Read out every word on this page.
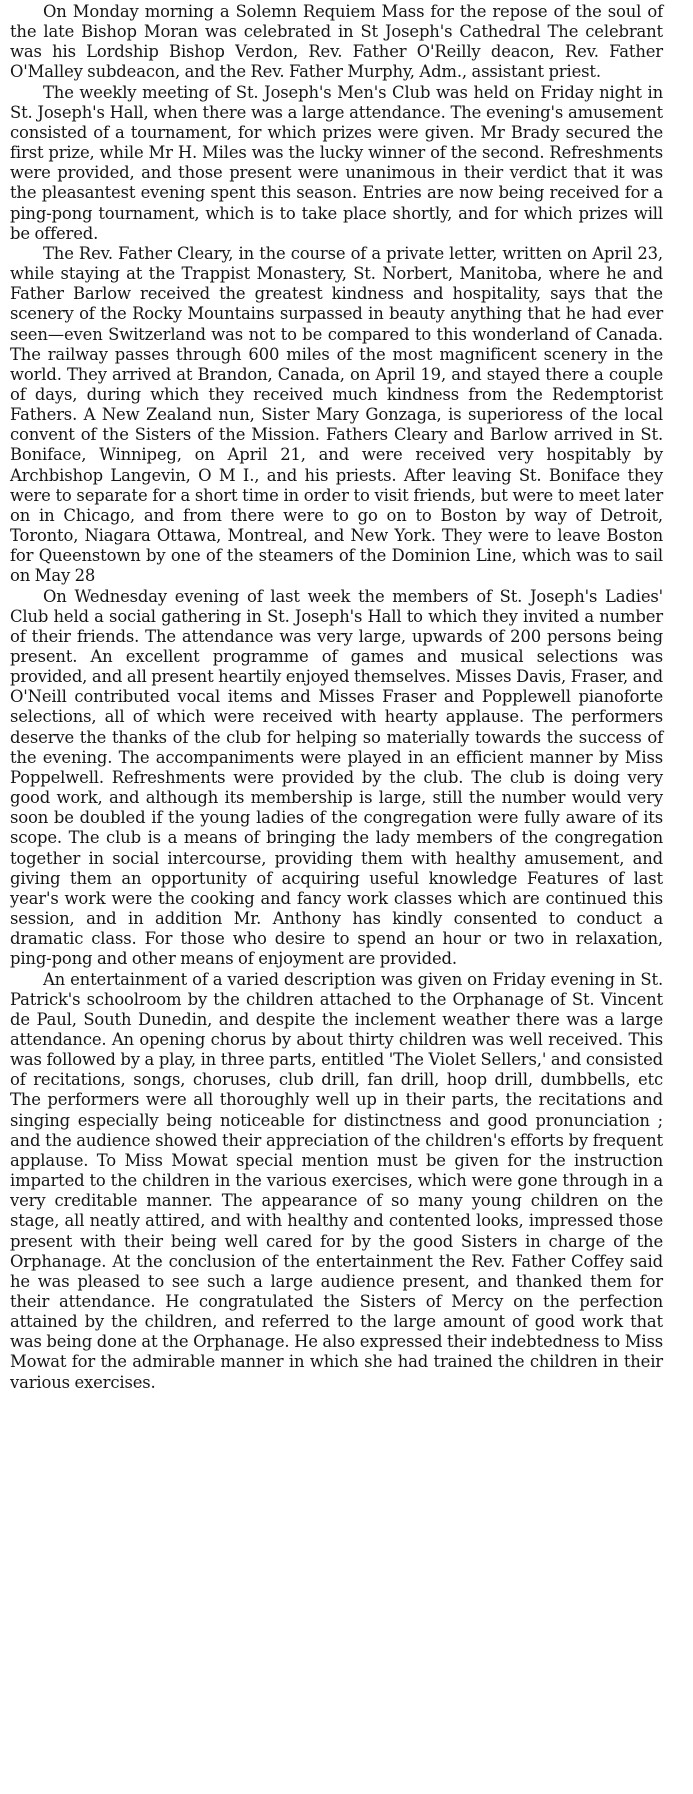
On Monday morning a Solemn Requiem Mass for the repose of the soul of the late Bishop Moran was celebrated in St Joseph's Cathedral The celebrant was his Lordship Bishop Verdon, Rev. Father O'Reilly deacon, Rev. Father O'Malley subdeacon, and the Rev. Father Murphy, Adm., assistant priest.

The weekly meeting of St. Joseph's Men's Club was held on Friday night in St. Joseph's Hall, when there was a large attendance. The evening's amusement consisted of a tournament, for which prizes were given. Mr Brady secured the first prize, while Mr H. Miles was the lucky winner of the second. Refreshments were provided, and those present were unanimous in their verdict that it was the pleasantest evening spent this season. Entries are now being received for a ping-pong tournament, which is to take place shortly, and for which prizes will be offered.

The Rev. Father Cleary, in the course of a private letter, written on April 23, while staying at the Trappist Monastery, St. Norbert, Manitoba, where he and Father Barlow received the greatest kindness and hospitality, says that the scenery of the Rocky Mountains surpassed in beauty anything that he had ever seen—even Switzerland was not to be compared to this wonderland of Canada. The railway passes through 600 miles of the most magnificent scenery in the world. They arrived at Brandon, Canada, on April 19, and stayed there a couple of days, during which they received much kindness from the Redemptorist Fathers. A New Zealand nun, Sister Mary Gonzaga, is superioress of the local convent of the Sisters of the Mission. Fathers Cleary and Barlow arrived in St. Boniface, Winnipeg, on April 21, and were received very hospitably by Archbishop Langevin, O M I., and his priests. After leaving St. Boniface they were to separate for a short time in order to visit friends, but were to meet later on in Chicago, and from there were to go on to Boston by way of Detroit, Toronto, Niagara Ottawa, Montreal, and New York. They were to leave Boston for Queenstown by one of the steamers of the Dominion Line, which was to sail on May 28

On Wednesday evening of last week the members of St. Joseph's Ladies' Club held a social gathering in St. Joseph's Hall to which they invited a number of their friends. The attendance was very large, upwards of 200 persons being present. An excellent programme of games and musical selections was provided, and all present heartily enjoyed themselves. Misses Davis, Fraser, and O'Neill contributed vocal items and Misses Fraser and Popplewell pianoforte selections, all of which were received with hearty applause. The performers deserve the thanks of the club for helping so materially towards the success of the evening. The accompaniments were played in an efficient manner by Miss Poppelwell. Refreshments were provided by the club. The club is doing very good work, and although its membership is large, still the number would very soon be doubled if the young ladies of the congregation were fully aware of its scope. The club is a means of bringing the lady members of the congregation together in social intercourse, providing them with healthy amusement, and giving them an opportunity of acquiring useful knowledge Features of last year's work were the cooking and fancy work classes which are continued this session, and in addition Mr. Anthony has kindly consented to conduct a dramatic class. For those who desire to spend an hour or two in relaxation, ping-pong and other means of enjoyment are provided.

An entertainment of a varied description was given on Friday evening in St. Patrick's schoolroom by the children attached to the Orphanage of St. Vincent de Paul, South Dunedin, and despite the inclement weather there was a large attendance. An opening chorus by about thirty children was well received. This was followed by a play, in three parts, entitled 'The Violet Sellers,' and consisted of recitations, songs, choruses, club drill, fan drill, hoop drill, dumbbells, etc The performers were all thoroughly well up in their parts, the recitations and singing especially being noticeable for distinctness and good pronunciation ; and the audience showed their appreciation of the children's efforts by frequent applause. To Miss Mowat special mention must be given for the instruction imparted to the children in the various exercises, which were gone through in a very creditable manner. The appearance of so many young children on the stage, all neatly attired, and with healthy and contented looks, impressed those present with their being well cared for by the good Sisters in charge of the Orphanage. At the conclusion of the entertainment the Rev. Father Coffey said he was pleased to see such a large audience present, and thanked them for their attendance. He congratulated the Sisters of Mercy on the perfection attained by the children, and referred to the large amount of good work that was being done at the Orphanage. He also expressed their indebtedness to Miss Mowat for the admirable manner in which she had trained the children in their various exercises.
